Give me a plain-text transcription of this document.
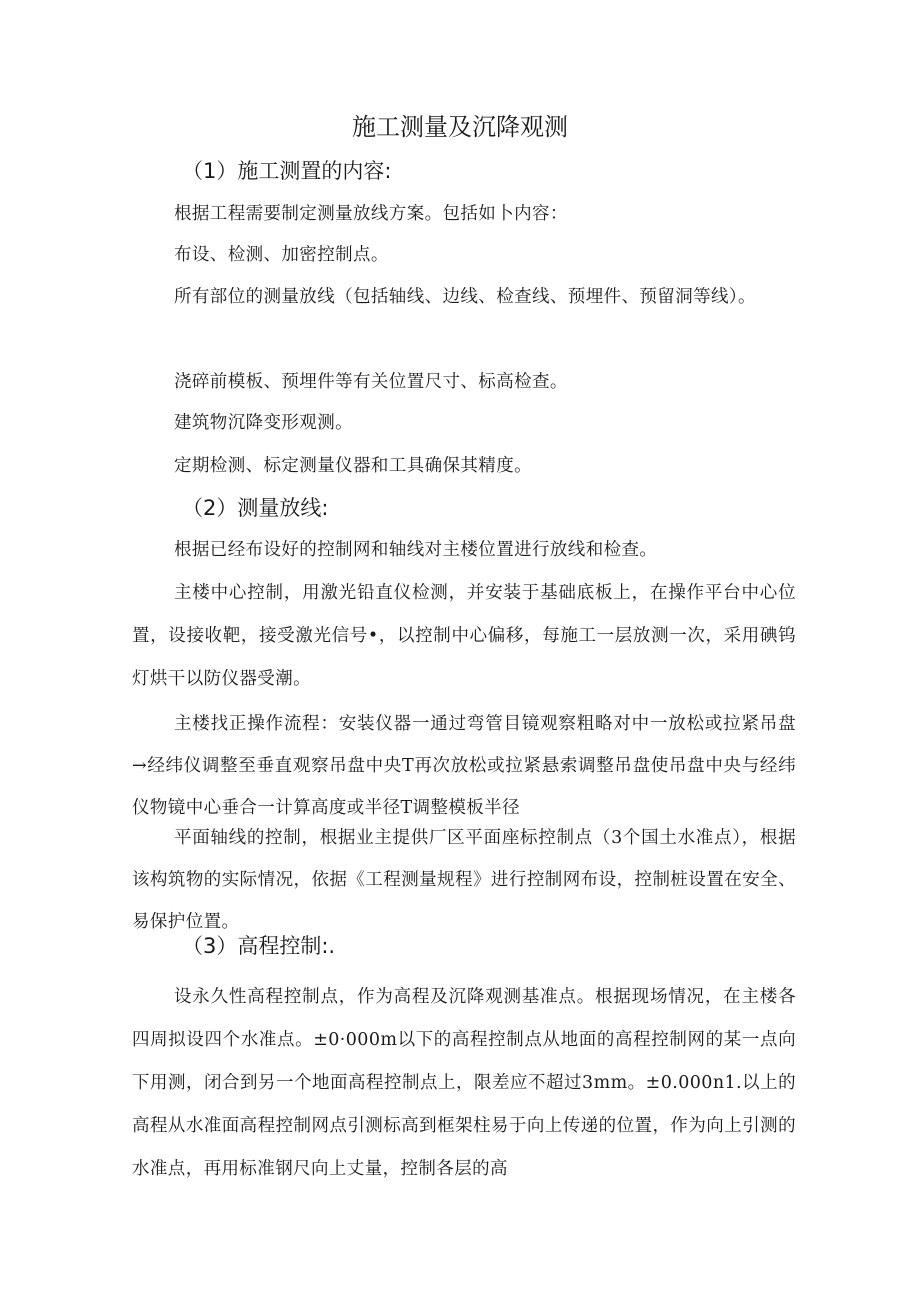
施工测量及沉降观测
（1）施工测置的内容:

根据工程需要制定测量放线方案。包括如卜内容：

布设、检测、加密控制点。

所有部位的测量放线（包括轴线、边线、检查线、预埋件、预留洞等线）。

浇碎前模板、预埋件等有关位置尺寸、标高检查。

建筑物沉降变形观测。

定期检测、标定测量仪器和工具确保其精度。

（2）测量放线:

根据已经布设好的控制网和轴线对主楼位置进行放线和检查。

主楼中心控制，用激光铅直仪检测，并安装于基础底板上，在操作平台中心位置，设接收靶，接受激光信号•，以控制中心偏移，每施工一层放测一次，采用碘钨灯烘干以防仪器受潮。

主楼找正操作流程：安装仪器一通过弯管目镜观察粗略对中一放松或拉紧吊盘→经纬仪调整至垂直观察吊盘中央T再次放松或拉紧悬索调整吊盘使吊盘中央与经纬仪物镜中心垂合一计算高度或半径T调整模板半径

平面轴线的控制，根据业主提供厂区平面座标控制点（3个国土水准点），根据该构筑物的实际情况，依据《工程测量规程》进行控制网布设，控制桩设置在安全、易保护位置。

（3）高程控制:.

设永久性高程控制点，作为高程及沉降观测基准点。根据现场情况，在主楼各四周拟设四个水准点。±0·000m以下的高程控制点从地面的高程控制网的某一点向下用测，闭合到另一个地面高程控制点上，限差应不超过3mm。±0.000n1.以上的高程从水准面高程控制网点引测标高到框架柱易于向上传递的位置，作为向上引测的水准点，再用标准钢尺向上丈量，控制各层的高
